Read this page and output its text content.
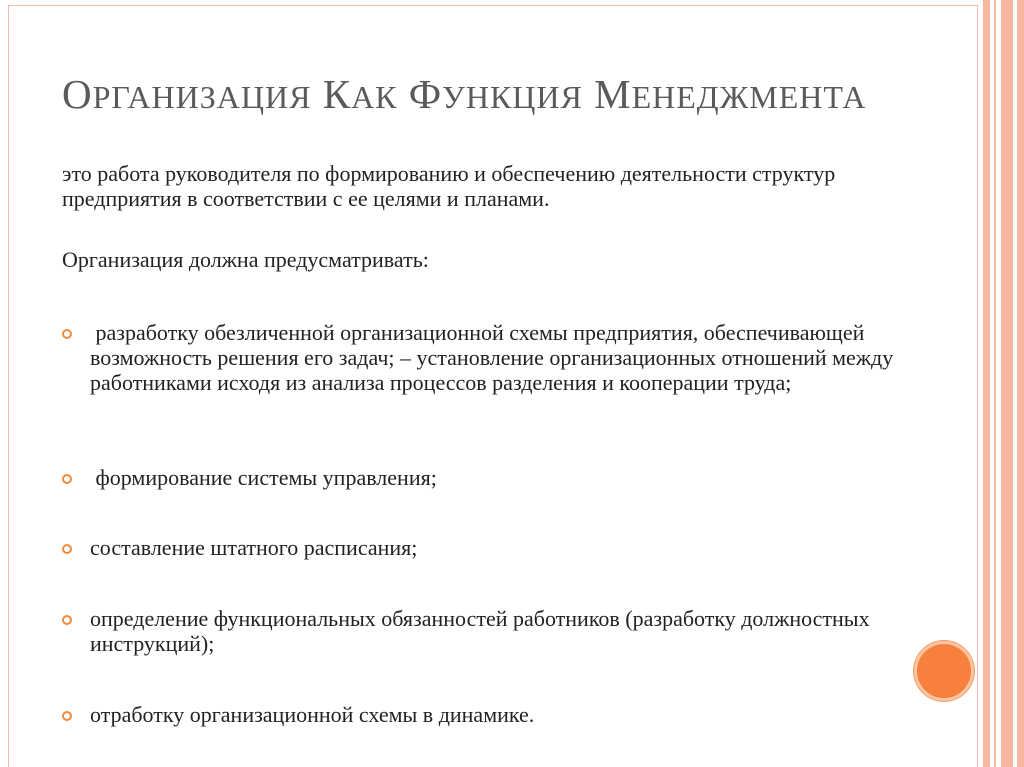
ОРГАНИЗАЦИЯ КАК ФУНКЦИЯ МЕНЕДЖМЕНТА

это работа руководителя по формированию и обеспечению деятельности структур предприятия в соответствии с ее целями и планами.

Организация должна предусматривать:

разработку обезличенной организационной схемы предприятия, обеспечивающей возможность решения его задач; – установление организационных отношений между работниками исходя из анализа процессов разделения и кооперации труда;
формирование системы управления;
составление штатного расписания;
определение функциональных обязанностей работников (разработку должностных инструкций);
отработку организационной схемы в динамике.
